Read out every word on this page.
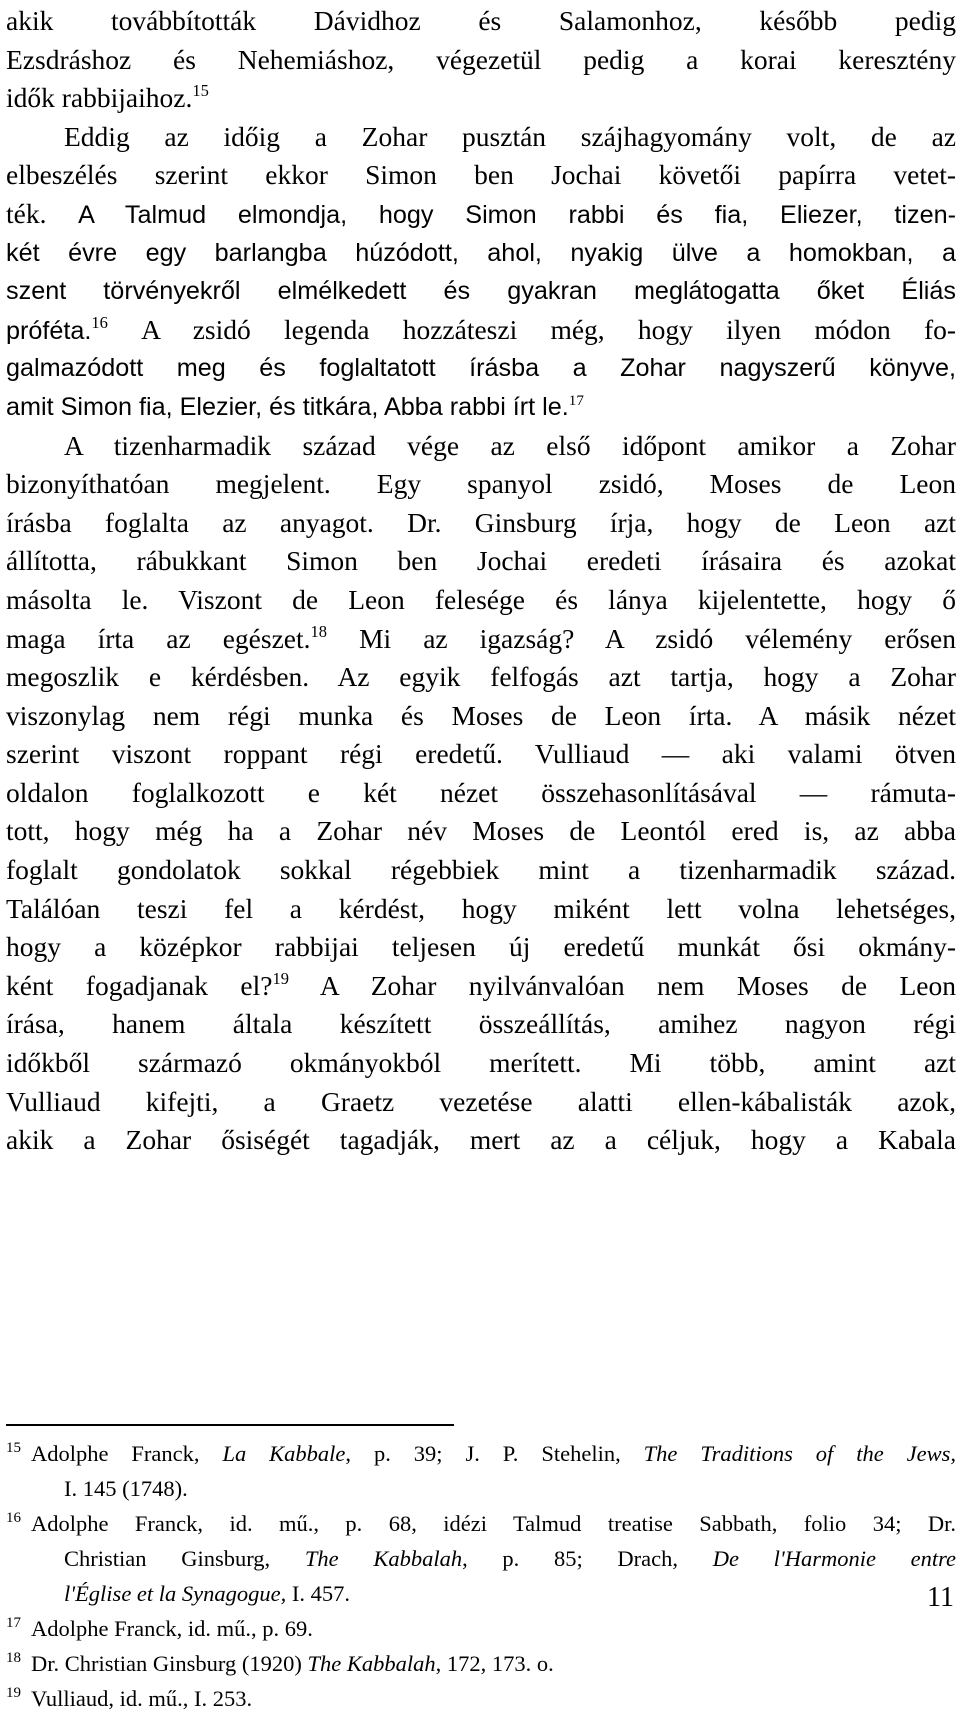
akik továbbították Dávidhoz és Salamonhoz, később pedig
Ezsdráshoz és Nehemiáshoz, végezetül pedig a korai keresztény
idők rabbijaihoz.$^{15}$
Eddig az időig a Zohar pusztán szájhagyomány volt, de az
elbeszélés szerint ekkor Simon ben Jochai követői papírra vetet-
ték. A Talmud elmondja, hogy Simon rabbi és fia, Eliezer, tizen-
két évre egy barlangba húzódott, ahol, nyakig ülve a homokban, a
szent törvényekről elmélkedett és gyakran meglátogatta őket Éliás
próféta.$^{16}$ A zsidó legenda hozzáteszi még, hogy ilyen módon fo-
galmazódott meg és foglaltatott írásba a Zohar nagyszerű könyve,
amit Simon fia, Elezier, és titkára, Abba rabbi írt le.$^{17}$
A tizenharmadik század vége az első időpont amikor a Zohar
bizonyíthatóan megjelent. Egy spanyol zsidó, Moses de Leon
írásba foglalta az anyagot. Dr. Ginsburg írja, hogy de Leon azt
állította, rábukkant Simon ben Jochai eredeti írásaira és azokat
másolta le. Viszont de Leon felesége és lánya kijelentette, hogy ő
maga írta az egészet.$^{18}$ Mi az igazság? A zsidó vélemény erősen
megoszlik e kérdésben. Az egyik felfogás azt tartja, hogy a Zohar
viszonylag nem régi munka és Moses de Leon írta. A másik nézet
szerint viszont roppant régi eredetű. Vulliaud — aki valami ötven
oldalon foglalkozott e két nézet összehasonlításával — rámuta-
tott, hogy még ha a Zohar név Moses de Leontól ered is, az abba
foglalt gondolatok sokkal régebbiek mint a tizenharmadik század.
Találóan teszi fel a kérdést, hogy miként lett volna lehetséges,
hogy a középkor rabbijai teljesen új eredetű munkát ősi okmány-
ként fogadjanak el?$^{19}$ A Zohar nyilvánvalóan nem Moses de Leon
írása, hanem általa készített összeállítás, amihez nagyon régi
időkből származó okmányokból merített. Mi több, amint azt
Vulliaud kifejti, a Graetz vezetése alatti ellen-kábalisták azok,
akik a Zohar ősiségét tagadják, mert az a céljuk, hogy a Kabala
$^{15}$ Adolphe Franck, La Kabbale, p. 39; J. P. Stehelin, The Traditions of the Jews,
I. 145 (1748).
$^{16}$ Adolphe Franck, id. mű., p. 68, idézi Talmud treatise Sabbath, folio 34; Dr.
Christian Ginsburg, The Kabbalah, p. 85; Drach, De l'Harmonie entre
l'Église et la Synagogue, I. 457.
$^{17}$ Adolphe Franck, id. mű., p. 69.
$^{18}$ Dr. Christian Ginsburg (1920) The Kabbalah, 172, 173. o.
$^{19}$ Vulliaud, id. mű., I. 253.
11
